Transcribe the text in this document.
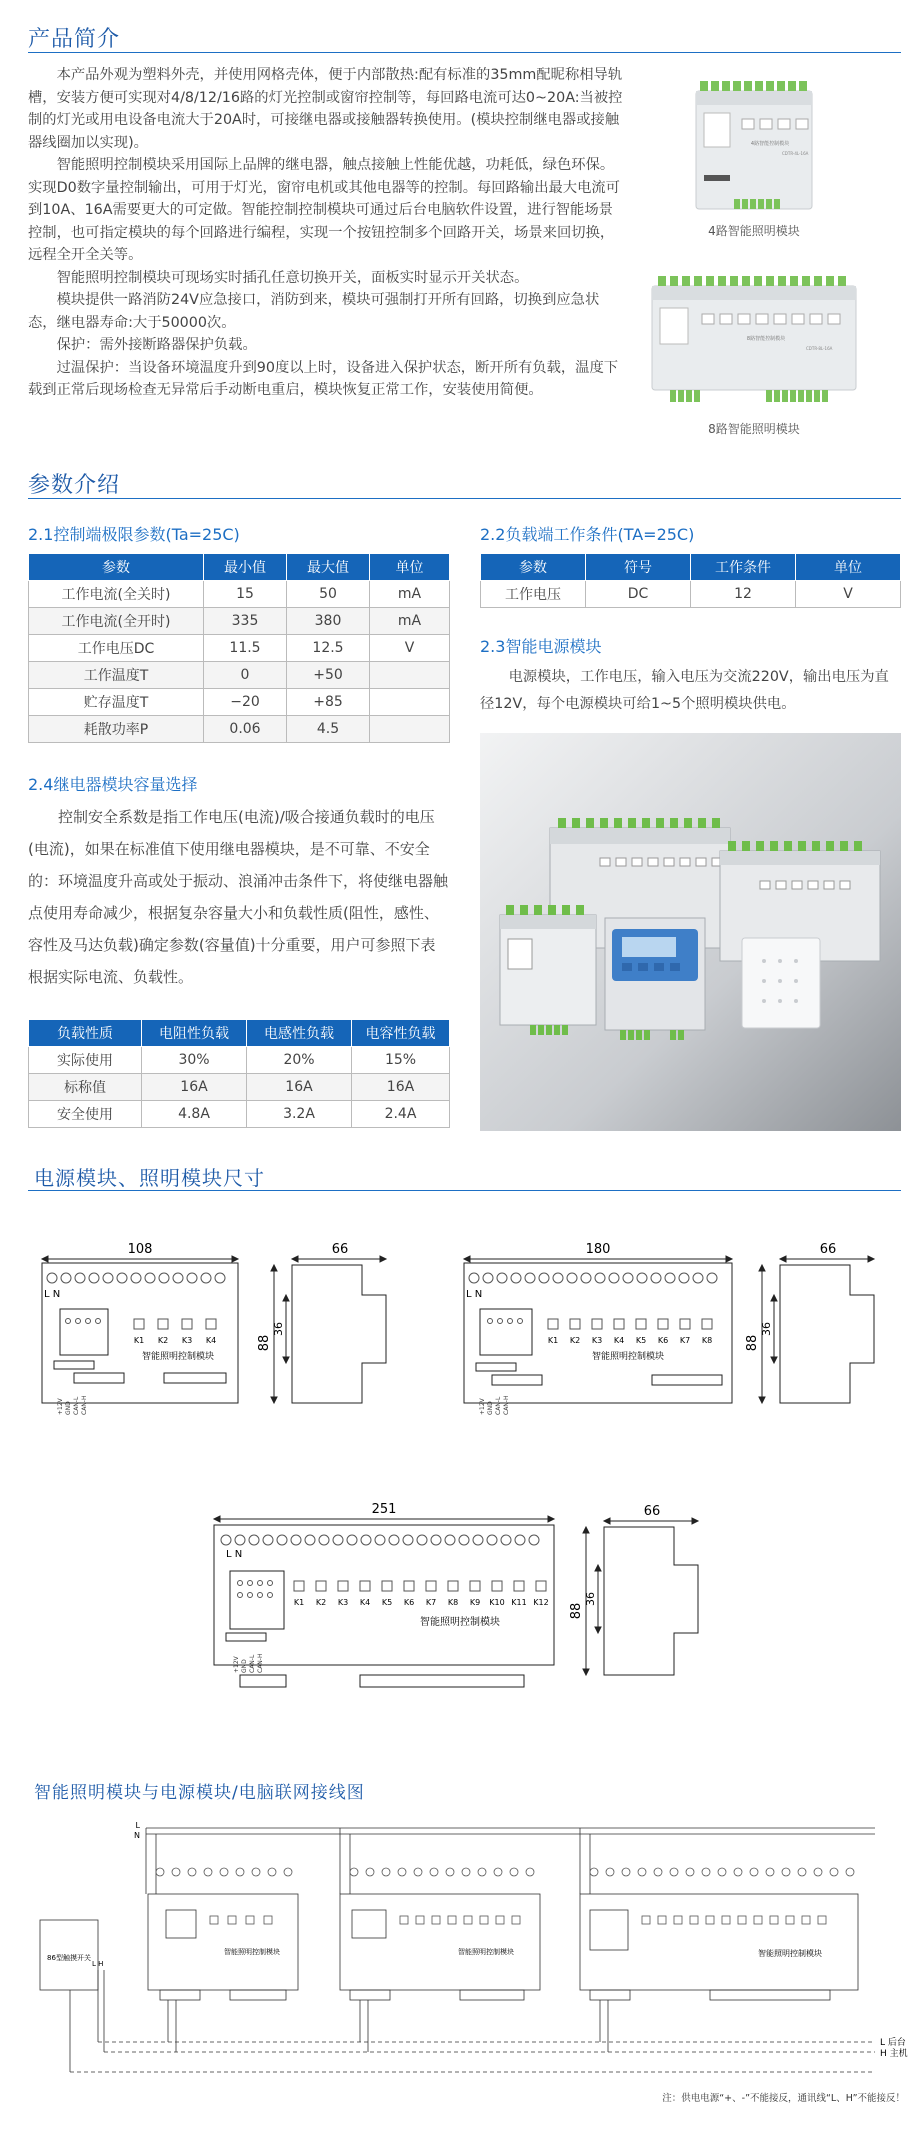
产品简介

本产品外观为塑料外壳，并使用网格壳体，便于内部散热:配有标准的35mm配昵称相导轨槽，安装方便可实现对4/8/12/16路的灯光控制或窗帘控制等，每回路电流可达0~20A:当被控制的灯光或用电设备电流大于20A时，可接继电器或接触器转换使用。(模块控制继电器或接触器线圈加以实现)。

智能照明控制模块采用国际上品牌的继电器，触点接触上性能优越，功耗低，绿色环保。实现D0数字量控制输出，可用于灯光，窗帘电机或其他电器等的控制。每回路输出最大电流可到10A、16A需要更大的可定做。智能控制控制模块可通过后台电脑软件设置，进行智能场景控制，也可指定模块的每个回路进行编程，实现一个按钮控制多个回路开关，场景来回切换，远程全开全关等。

智能照明控制模块可现场实时插孔任意切换开关，面板实时显示开关状态。

模块提供一路消防24V应急接口，消防到来，模块可强制打开所有回路，切换到应急状态，继电器寿命:大于50000次。

保护：需外接断路器保护负载。

过温保护：当设备环境温度升到90度以上时，设备进入保护状态，断开所有负载，温度下载到正常后现场检查无异常后手动断电重启，模块恢复正常工作，安装使用简便。

4路智能控制模块
CDTR-4L-16A
4路智能照明模块
8路智能控制模块
CDTR-8L-16A
8路智能照明模块
参数介绍
2.1控制端极限参数(Ta=25C)
参数	最小值	最大值	单位
工作电流(全关时)	15	50	mA
工作电流(全开时)	335	380	mA
工作电压DC	11.5	12.5	V
工作温度T	0	+50	
贮存温度T	−20	+85	
耗散功率P	0.06	4.5	
2.2负载端工作条件(TA=25C)
参数	符号	工作条件	单位
工作电压	DC	12	V
2.3智能电源模块

电源模块，工作电压，输入电压为交流220V，输出电压为直径12V，每个电源模块可给1~5个照明模块供电。

2.4继电器模块容量选择

控制安全系数是指工作电压(电流)/吸合接通负载时的电压(电流)，如果在标准值下使用继电器模块，是不可靠、不安全的：环境温度升高或处于振动、浪涌冲击条件下，将使继电器触点使用寿命减少，根据复杂容量大小和负载性质(阻性，感性、容性及马达负载)确定参数(容量值)十分重要，用户可参照下表根据实际电流、负载性。

负载性质	电阻性负载	电感性负载	电容性负载
实际使用	30%	20%	15%
标称值	16A	16A	16A
安全使用	4.8A	3.2A	2.4A
电源模块、照明模块尺寸
108
L N
K1 K2 K3 K4
智能照明控制模块
+12V GND CAN-L CAN-H
66
88
36
180
L N
K1 K2 K3 K4 K5 K6 K7 K8
智能照明控制模块
+12V GND CAN-L CAN-H
66
88
36
251
L N
K1 K2 K3 K4 K5 K6 K7 K8 K9 K10 K11 K12
智能照明控制模块
+12V GND CAN-L CAN-H
66
88
36
智能照明模块与电源模块/电脑联网接线图
L
N
86型触摸开关
L H
智能照明控制模块	智能照明控制模块	智能照明控制模块
L 后台
H 主机
注：供电电源“+、-”不能接反，通讯线“L、H”不能接反！
